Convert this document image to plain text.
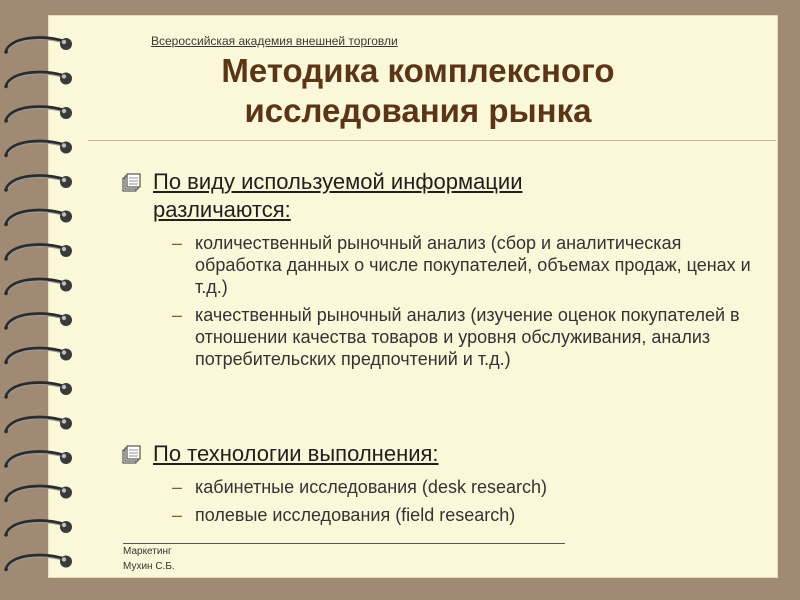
Всероссийская академия внешней торговли
Методика комплексного
исследования рынка
По виду используемой информации
различаются:
– количественный рыночный анализ (сбор и аналитическая обработка данных о числе покупателей, объемах продаж, ценах и т.д.)
– качественный рыночный анализ (изучение оценок покупателей в отношении качества товаров и уровня обслуживания, анализ потребительских предпочтений и т.д.)
По технологии выполнения:
– кабинетные исследования (desk research)
– полевые исследования (field research)
Маркетинг
Мухин С.Б.
